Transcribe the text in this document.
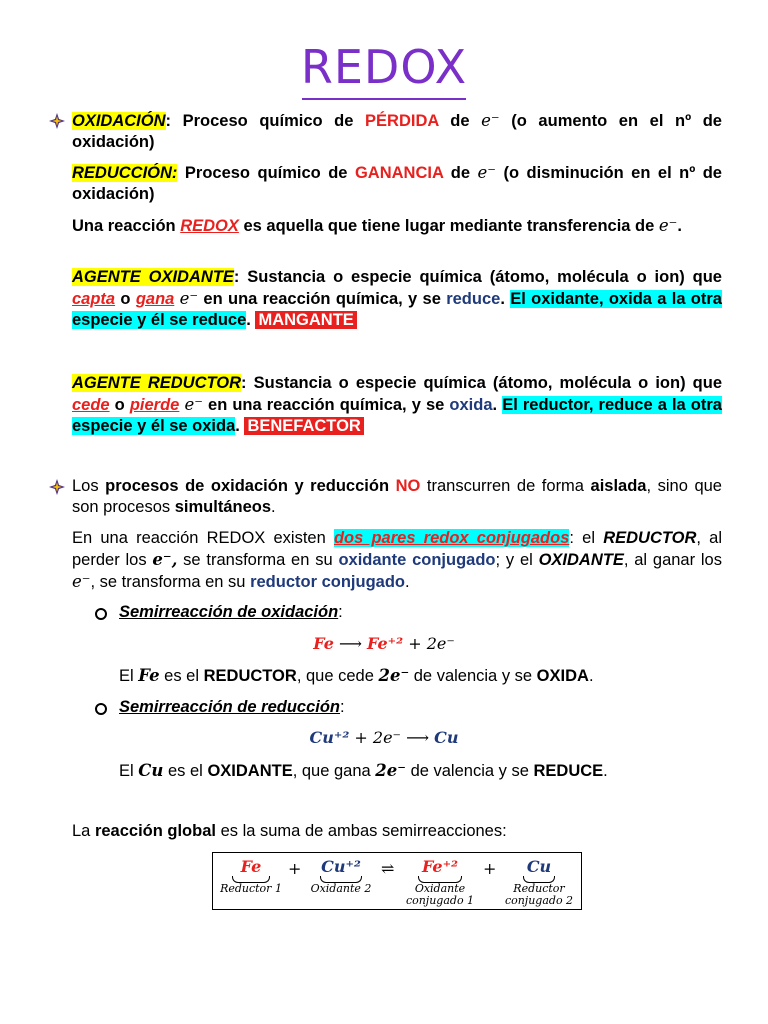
REDOX
OXIDACIÓN: Proceso químico de PÉRDIDA de e⁻ (o aumento en el nº de oxidación)
REDUCCIÓN: Proceso químico de GANANCIA de e⁻ (o disminución en el nº de oxidación)
Una reacción REDOX es aquella que tiene lugar mediante transferencia de e⁻.
AGENTE OXIDANTE: Sustancia o especie química (átomo, molécula o ion) que capta o gana e⁻ en una reacción química, y se reduce. El oxidante, oxida a la otra especie y él se reduce. MANGANTE
AGENTE REDUCTOR: Sustancia o especie química (átomo, molécula o ion) que cede o pierde e⁻ en una reacción química, y se oxida. El reductor, reduce a la otra especie y él se oxida. BENEFACTOR
Los procesos de oxidación y reducción NO transcurren de forma aislada, sino que son procesos simultáneos.
En una reacción REDOX existen dos pares redox conjugados: el REDUCTOR, al perder los e⁻, se transforma en su oxidante conjugado; y el OXIDANTE, al ganar los e⁻, se transforma en su reductor conjugado.
Semirreacción de oxidación:
Fe ⟶ Fe⁺² + 2e⁻
El Fe es el REDUCTOR, que cede 2e⁻ de valencia y se OXIDA.
Semirreacción de reducción:
Cu⁺² + 2e⁻ ⟶ Cu
El Cu es el OXIDANTE, que gana 2e⁻ de valencia y se REDUCE.
La reacción global es la suma de ambas semirreacciones:
Fe
Reductor 1
+	Cu⁺²
Oxidante 2
⇌	Fe⁺²
Oxidante conjugado 1
+	Cu
Reductor conjugado 2
